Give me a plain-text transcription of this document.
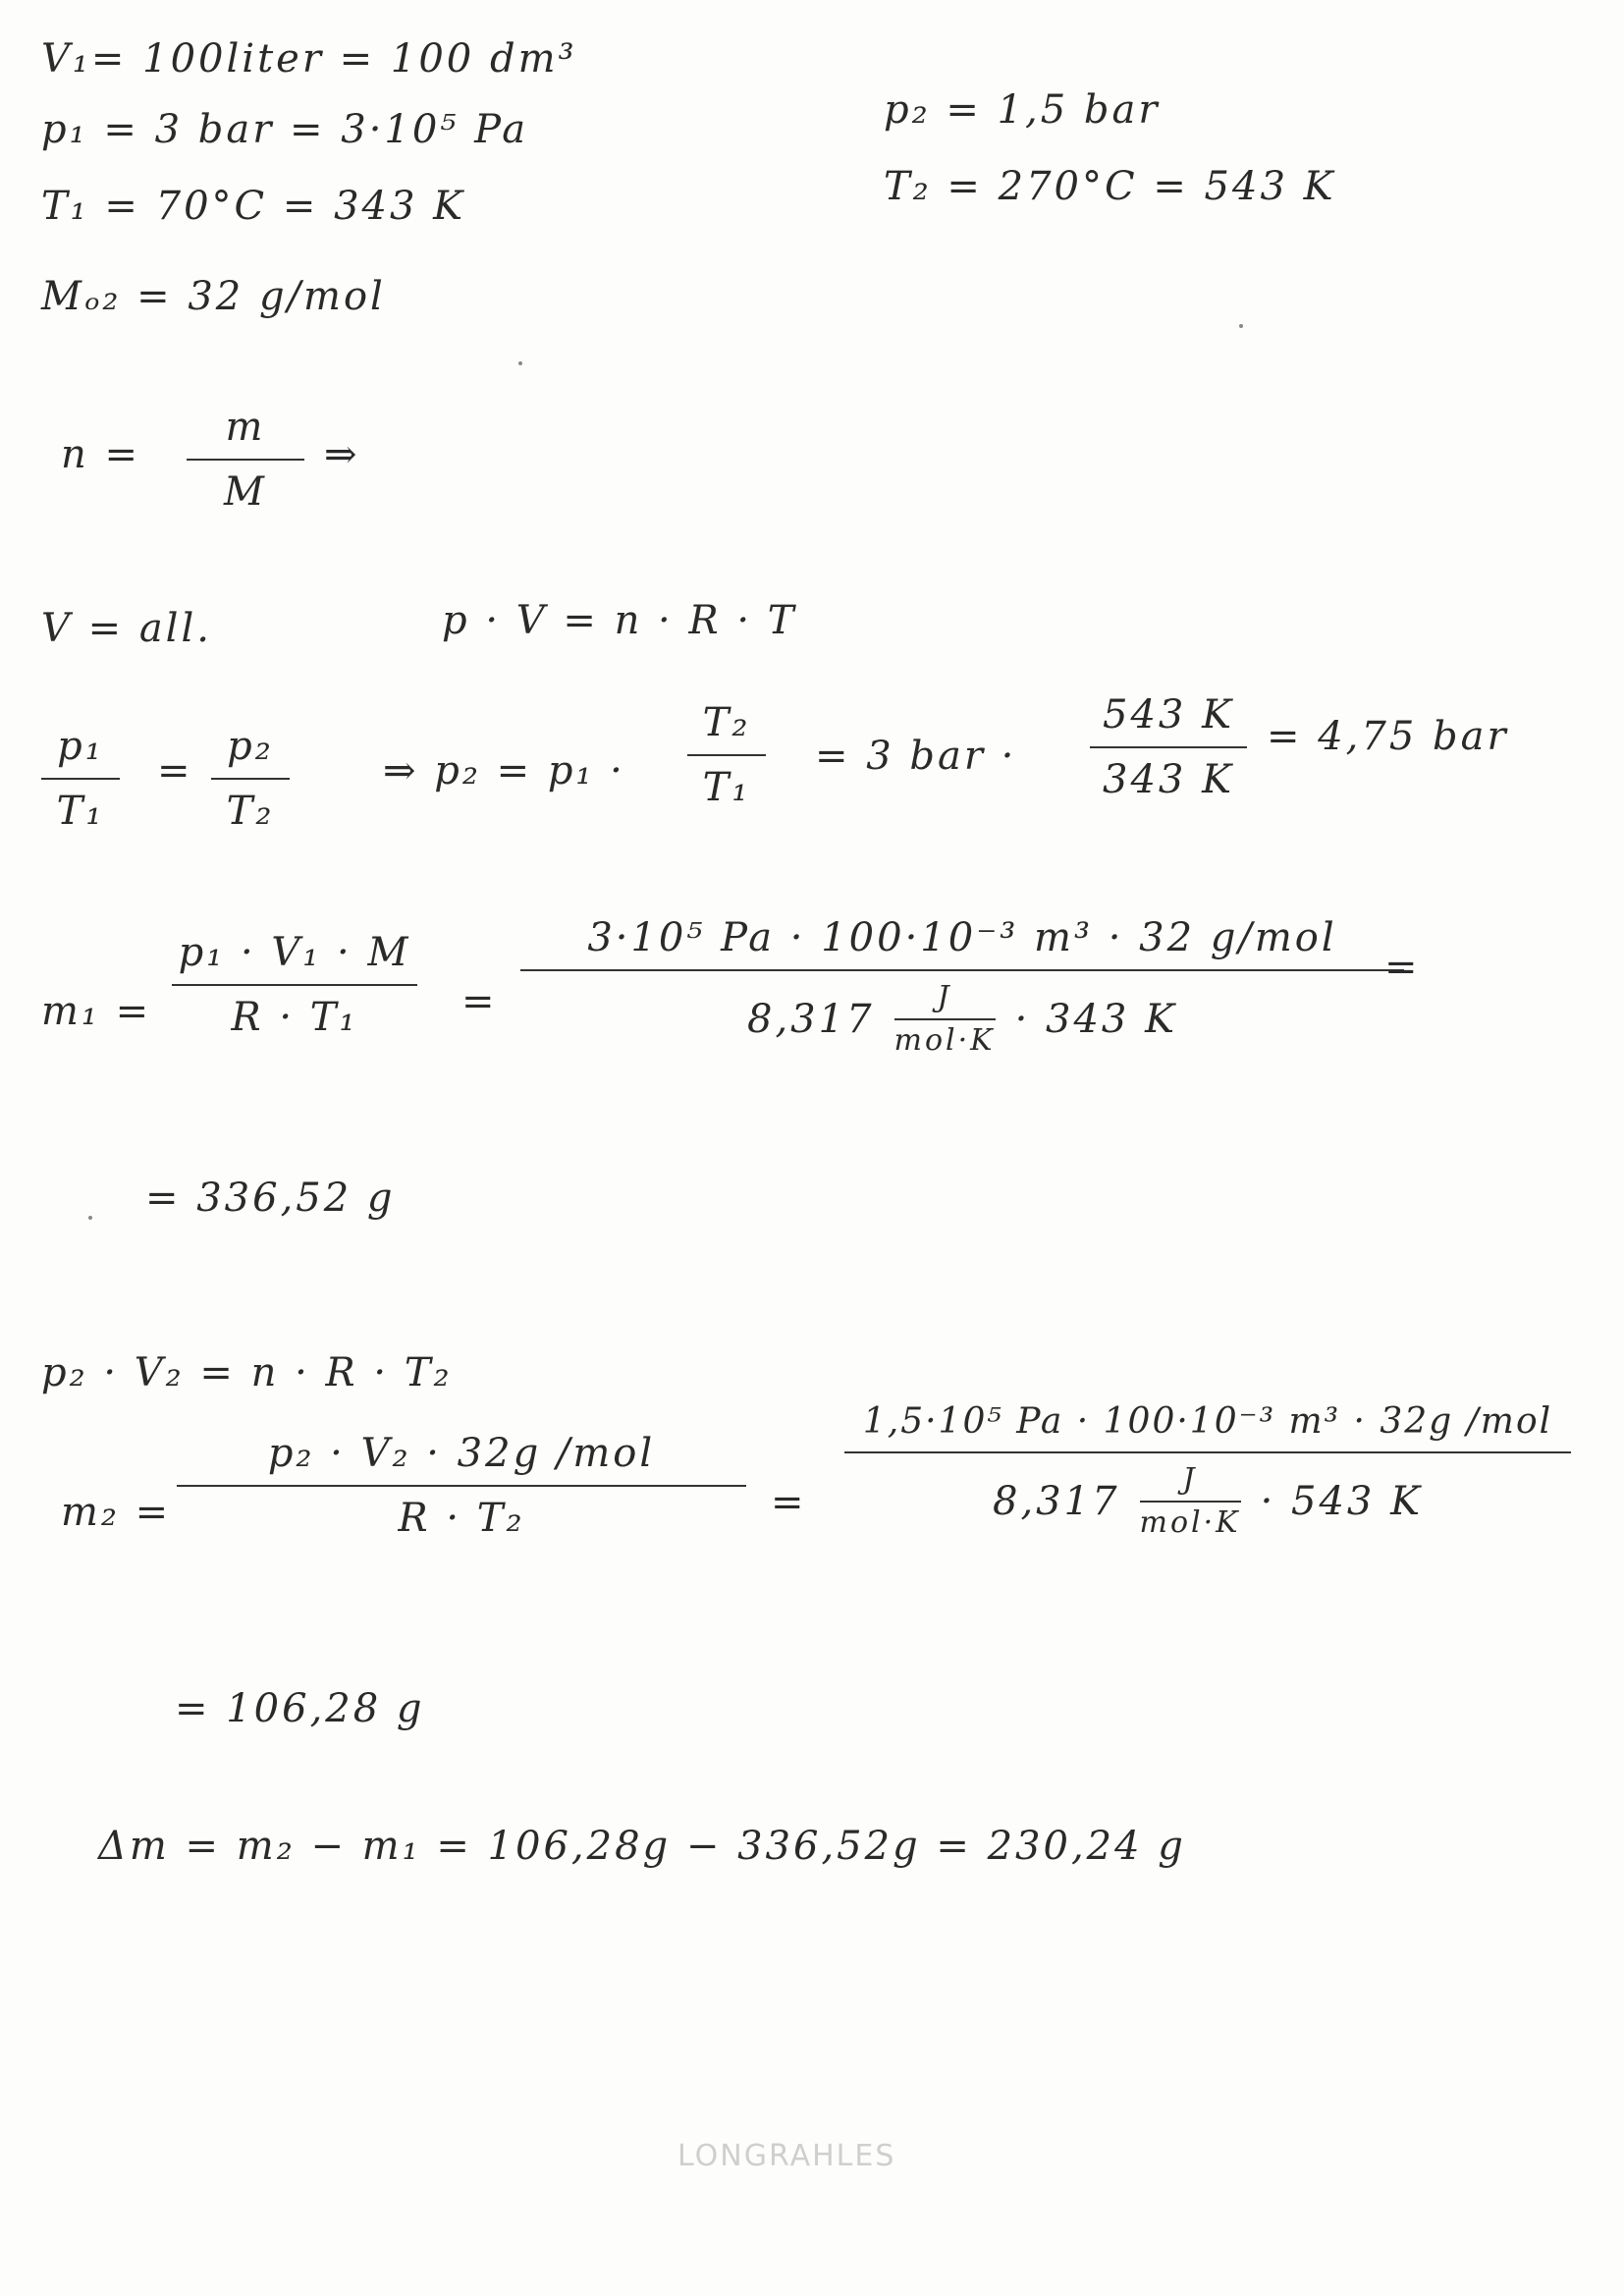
LONGRAHLES
V₁= 100liter = 100 dm³
p₁ = 3 bar = 3·10⁵ Pa
T₁ = 70°C = 343 K
Mₒ₂ = 32 g/mol
p₂ = 1,5 bar
T₂ = 270°C = 543 K
n =
m
M
⇒
V = all.	p · V = n · R · T
p₁
T₁
=
p₂
T₂
⇒ p₂ = p₁ ·
T₂
T₁
= 3 bar ·
543 K
343 K
= 4,75 bar
m₁ =
p₁ · V₁ · M
R · T₁	=
3·10⁵ Pa · 100·10⁻³ m³ · 32 g/mol
$8,317 \frac{J}{\text{mol·K}} \cdot 343$ K
=
= 336,52 g
p₂ · V₂ = n · R · T₂
m₂ =
p₂ · V₂ · 32g /mol
R · T₂	=
1,5·10⁵ Pa · 100·10⁻³ m³ · 32g /mol
$8,317 \frac{J}{\text{mol·K}} \cdot 543$ K
= 106,28 g
Δm = m₂ − m₁ = 106,28g − 336,52g = 230,24 g
